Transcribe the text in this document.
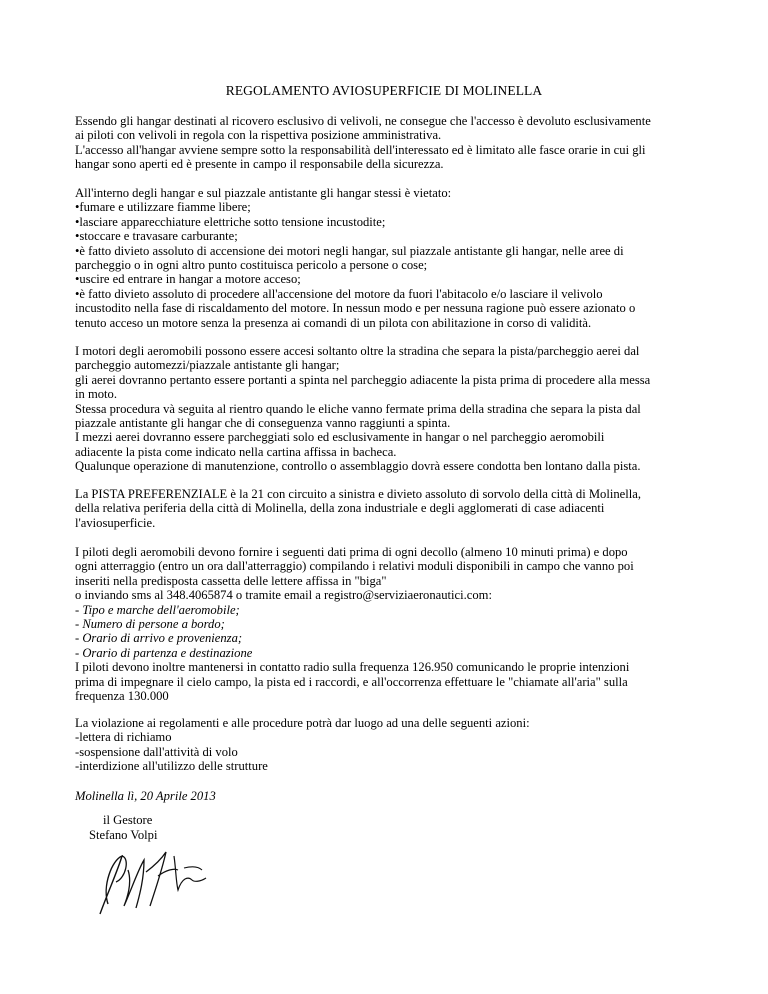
REGOLAMENTO AVIOSUPERFICIE DI MOLINELLA

Essendo gli hangar destinati al ricovero esclusivo di velivoli, ne consegue che l'accesso è devoluto esclusivamente

ai piloti con velivoli in regola con la rispettiva posizione amministrativa.

L'accesso all'hangar avviene sempre sotto la responsabilità dell'interessato ed è limitato alle fasce orarie in cui gli

hangar sono aperti ed è presente in campo il responsabile della sicurezza.

All'interno degli hangar e sul piazzale antistante gli hangar stessi è vietato:

•fumare e utilizzare fiamme libere;

•lasciare apparecchiature elettriche sotto tensione incustodite;

•stoccare e travasare carburante;

•è fatto divieto assoluto di accensione dei motori negli hangar, sul piazzale antistante gli hangar, nelle aree di

parcheggio o in ogni altro punto costituisca pericolo a persone o cose;

•uscire ed entrare in hangar a motore acceso;

•è fatto divieto assoluto di procedere all'accensione del motore da fuori l'abitacolo e/o lasciare il velivolo

incustodito nella fase di riscaldamento del motore. In nessun modo e per nessuna ragione può essere azionato o

tenuto acceso un motore senza la presenza ai comandi di un pilota con abilitazione in corso di validità.

I motori degli aeromobili possono essere accesi soltanto oltre la stradina che separa la pista/parcheggio aerei dal

parcheggio automezzi/piazzale antistante gli hangar;

gli aerei dovranno pertanto essere portanti a spinta nel parcheggio adiacente la pista prima di procedere alla messa

in moto.

Stessa procedura và seguita al rientro quando le eliche vanno fermate prima della stradina che separa la pista dal

piazzale antistante gli hangar che di conseguenza vanno raggiunti a spinta.

I mezzi aerei dovranno essere parcheggiati solo ed esclusivamente in hangar o nel parcheggio aeromobili

adiacente la pista come indicato nella cartina affissa in bacheca.

Qualunque operazione di manutenzione, controllo o assemblaggio dovrà essere condotta ben lontano dalla pista.

La PISTA PREFERENZIALE è la 21 con circuito a sinistra e divieto assoluto di sorvolo della città di Molinella,

della relativa periferia della città di Molinella, della zona industriale e degli agglomerati di case adiacenti

l'aviosuperficie.

I piloti degli aeromobili devono fornire i seguenti dati prima di ogni decollo (almeno 10 minuti prima) e dopo

ogni atterraggio (entro un ora dall'atterraggio) compilando i relativi moduli disponibili in campo che vanno poi

inseriti nella predisposta cassetta delle lettere affissa in "biga"

o inviando sms al 348.4065874 o tramite email a registro@serviziaeronautici.com:

- Tipo e marche dell'aeromobile;

- Numero di persone a bordo;

- Orario di arrivo e provenienza;

- Orario di partenza e destinazione

I piloti devono inoltre mantenersi in contatto radio sulla frequenza 126.950 comunicando le proprie intenzioni

prima di impegnare il cielo campo, la pista ed i raccordi, e all'occorrenza effettuare le "chiamate all'aria" sulla

frequenza 130.000

La violazione ai regolamenti e alle procedure potrà dar luogo ad una delle seguenti azioni:

-lettera di richiamo

-sospensione dall'attività di volo

-interdizione all'utilizzo delle strutture

Molinella lì, 20 Aprile 2013
il Gestore
Stefano Volpi
